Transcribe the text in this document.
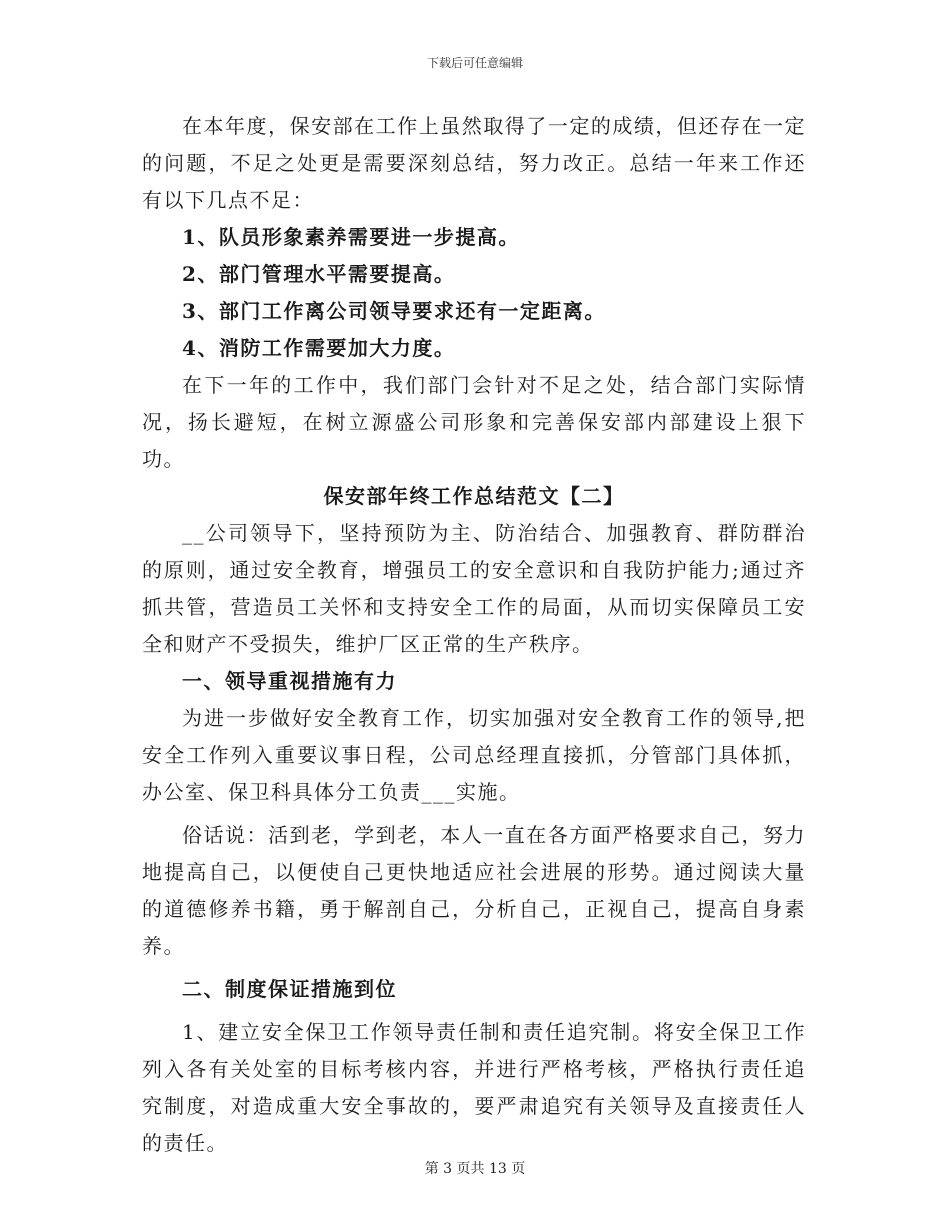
下载后可任意编辑

在本年度，保安部在工作上虽然取得了一定的成绩，但还存在一定的问题，不足之处更是需要深刻总结，努力改正。总结一年来工作还有以下几点不足：

1、队员形象素养需要进一步提高。

2、部门管理水平需要提高。

3、部门工作离公司领导要求还有一定距离。

4、消防工作需要加大力度。

在下一年的工作中，我们部门会针对不足之处，结合部门实际情况，扬长避短，在树立源盛公司形象和完善保安部内部建设上狠下功。

保安部年终工作总结范文【二】

__公司领导下，坚持预防为主、防治结合、加强教育、群防群治的原则，通过安全教育，增强员工的安全意识和自我防护能力;通过齐抓共管，营造员工关怀和支持安全工作的局面，从而切实保障员工安全和财产不受损失，维护厂区正常的生产秩序。

一、领导重视措施有力

为进一步做好安全教育工作，切实加强对安全教育工作的领导,把安全工作列入重要议事日程，公司总经理直接抓，分管部门具体抓，办公室、保卫科具体分工负责___实施。

俗话说：活到老，学到老，本人一直在各方面严格要求自己，努力地提高自己，以便使自己更快地适应社会进展的形势。通过阅读大量的道德修养书籍，勇于解剖自己，分析自己，正视自己，提高自身素养。

二、制度保证措施到位

1、建立安全保卫工作领导责任制和责任追究制。将安全保卫工作列入各有关处室的目标考核内容，并进行严格考核，严格执行责任追究制度，对造成重大安全事故的，要严肃追究有关领导及直接责任人的责任。

第 3 页共 13 页
